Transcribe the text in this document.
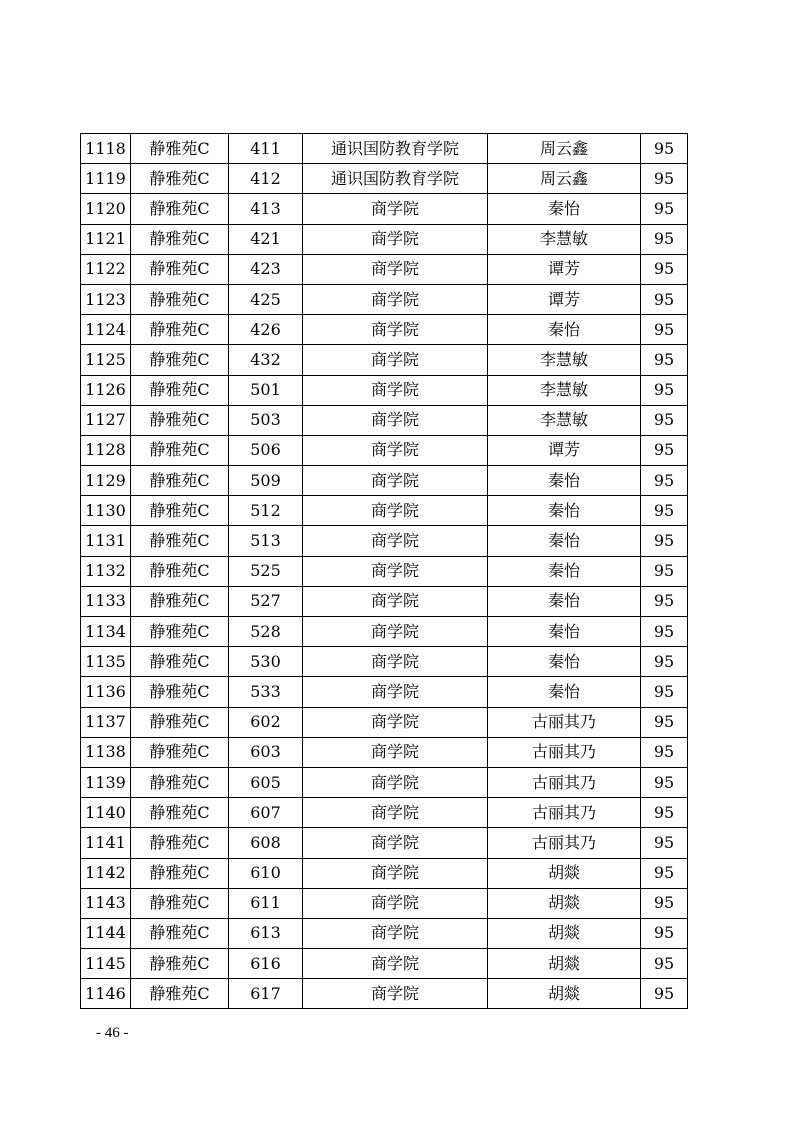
1118	静雅苑C	411	通识国防教育学院	周云鑫	95
1119	静雅苑C	412	通识国防教育学院	周云鑫	95
1120	静雅苑C	413	商学院	秦怡	95
1121	静雅苑C	421	商学院	李慧敏	95
1122	静雅苑C	423	商学院	谭芳	95
1123	静雅苑C	425	商学院	谭芳	95
1124	静雅苑C	426	商学院	秦怡	95
1125	静雅苑C	432	商学院	李慧敏	95
1126	静雅苑C	501	商学院	李慧敏	95
1127	静雅苑C	503	商学院	李慧敏	95
1128	静雅苑C	506	商学院	谭芳	95
1129	静雅苑C	509	商学院	秦怡	95
1130	静雅苑C	512	商学院	秦怡	95
1131	静雅苑C	513	商学院	秦怡	95
1132	静雅苑C	525	商学院	秦怡	95
1133	静雅苑C	527	商学院	秦怡	95
1134	静雅苑C	528	商学院	秦怡	95
1135	静雅苑C	530	商学院	秦怡	95
1136	静雅苑C	533	商学院	秦怡	95
1137	静雅苑C	602	商学院	古丽其乃	95
1138	静雅苑C	603	商学院	古丽其乃	95
1139	静雅苑C	605	商学院	古丽其乃	95
1140	静雅苑C	607	商学院	古丽其乃	95
1141	静雅苑C	608	商学院	古丽其乃	95
1142	静雅苑C	610	商学院	胡燚	95
1143	静雅苑C	611	商学院	胡燚	95
1144	静雅苑C	613	商学院	胡燚	95
1145	静雅苑C	616	商学院	胡燚	95
1146	静雅苑C	617	商学院	胡燚	95
- 46 -
